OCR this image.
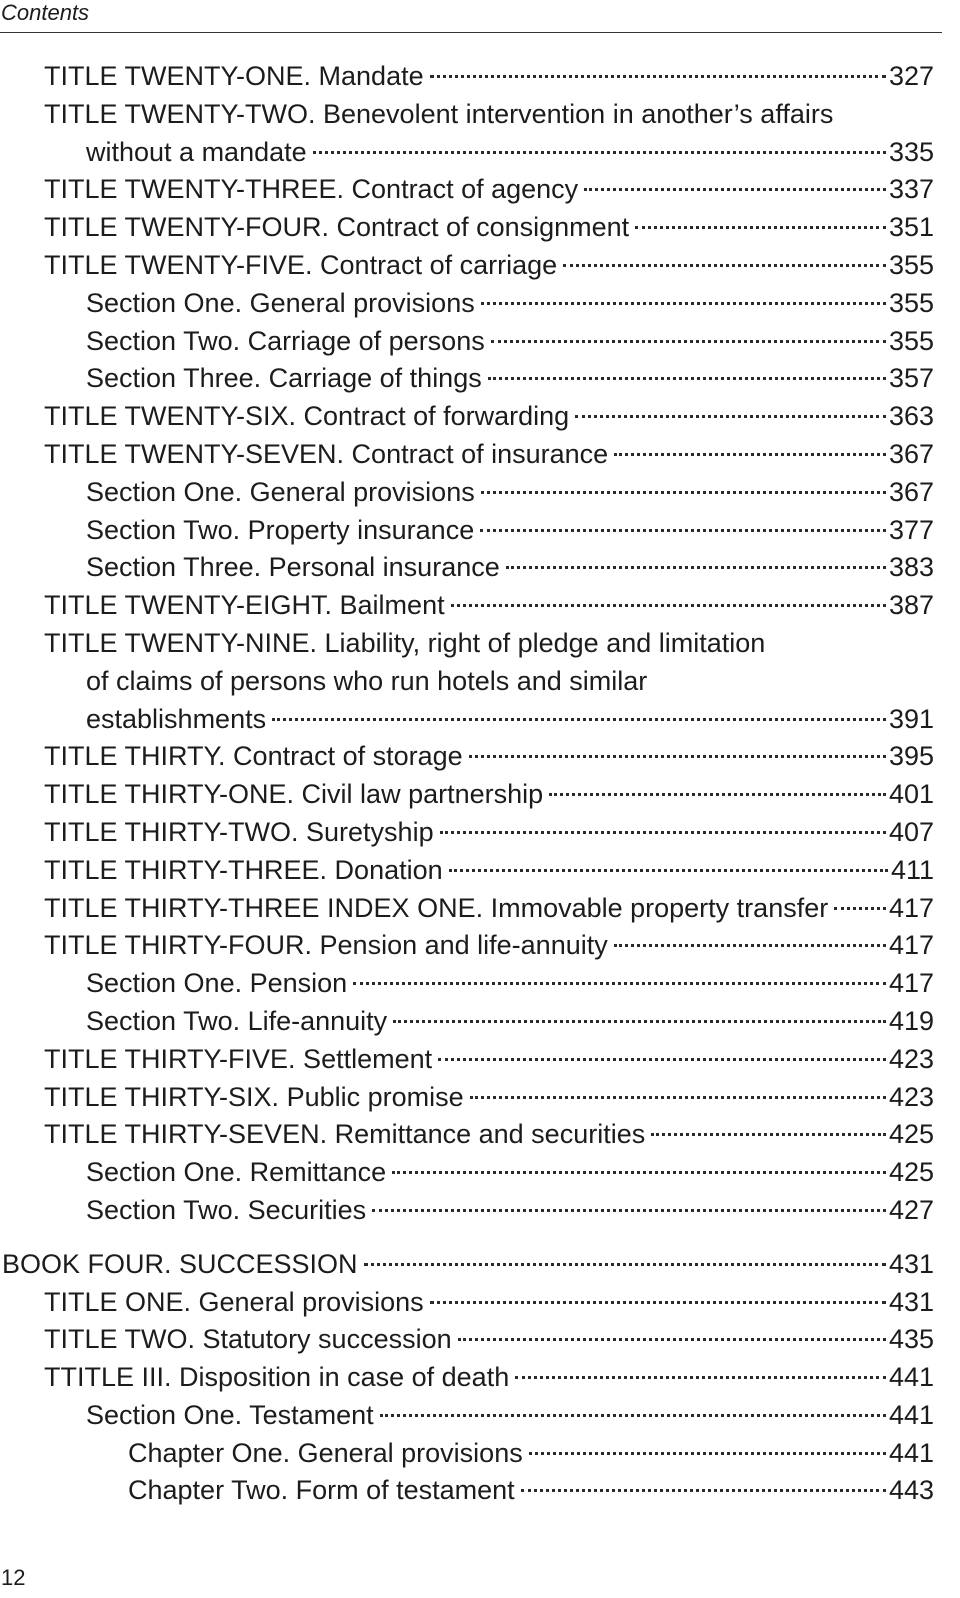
Contents
TITLE TWENTY-ONE. Mandate	327
TITLE TWENTY-TWO. Benevolent intervention in another’s affairs
without a mandate	335
TITLE TWENTY-THREE. Contract of agency	337
TITLE TWENTY-FOUR. Contract of consignment	351
TITLE TWENTY-FIVE. Contract of carriage	355
Section One. General provisions	355
Section Two. Carriage of persons	355
Section Three. Carriage of things	357
TITLE TWENTY-SIX. Contract of forwarding	363
TITLE TWENTY-SEVEN. Contract of insurance	367
Section One. General provisions	367
Section Two. Property insurance	377
Section Three. Personal insurance	383
TITLE TWENTY-EIGHT. Bailment	387
TITLE TWENTY-NINE. Liability, right of pledge and limitation
of claims of persons who run hotels and similar
establishments	391
TITLE THIRTY. Contract of storage	395
TITLE THIRTY-ONE. Civil law partnership	401
TITLE THIRTY-TWO. Suretyship	407
TITLE THIRTY-THREE. Donation	411
TITLE THIRTY-THREE INDEX ONE. Immovable property transfer 417
TITLE THIRTY-FOUR. Pension and life-annuity	417
Section One. Pension	417
Section Two. Life-annuity	419
TITLE THIRTY-FIVE. Settlement	423
TITLE THIRTY-SIX. Public promise	423
TITLE THIRTY-SEVEN. Remittance and securities	425
Section One. Remittance	425
Section Two. Securities	427
BOOK FOUR. SUCCESSION	431
TITLE ONE. General provisions	431
TITLE TWO. Statutory succession	435
TTITLE III. Disposition in case of death	441
Section One. Testament	441
Chapter One. General provisions	441
Chapter Two. Form of testament	443
12
